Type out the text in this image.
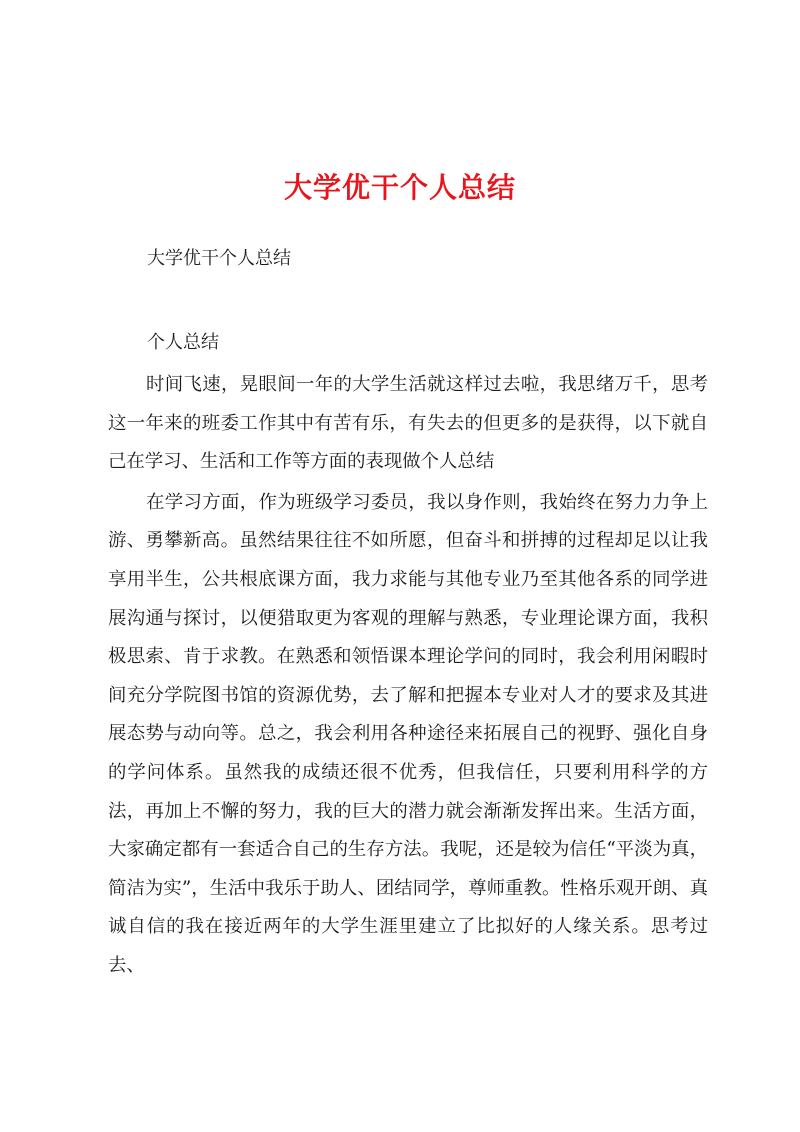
大学优干个人总结
大学优干个人总结
个人总结

时间飞速，晃眼间一年的大学生活就这样过去啦，我思绪万千，思考这一年来的班委工作其中有苦有乐，有失去的但更多的是获得，以下就自己在学习、生活和工作等方面的表现做个人总结

在学习方面，作为班级学习委员，我以身作则，我始终在努力力争上游、勇攀新高。虽然结果往往不如所愿，但奋斗和拼搏的过程却足以让我享用半生，公共根底课方面，我力求能与其他专业乃至其他各系的同学进展沟通与探讨，以便猎取更为客观的理解与熟悉，专业理论课方面，我积极思索、肯于求教。在熟悉和领悟课本理论学问的同时，我会利用闲暇时间充分学院图书馆的资源优势，去了解和把握本专业对人才的要求及其进展态势与动向等。总之，我会利用各种途径来拓展自己的视野、强化自身的学问体系。虽然我的成绩还很不优秀，但我信任，只要利用科学的方法，再加上不懈的努力，我的巨大的潜力就会渐渐发挥出来。生活方面，大家确定都有一套适合自己的生存方法。我呢，还是较为信任“平淡为真，简洁为实”，生活中我乐于助人、团结同学，尊师重教。性格乐观开朗、真诚自信的我在接近两年的大学生涯里建立了比拟好的人缘关系。思考过去、
